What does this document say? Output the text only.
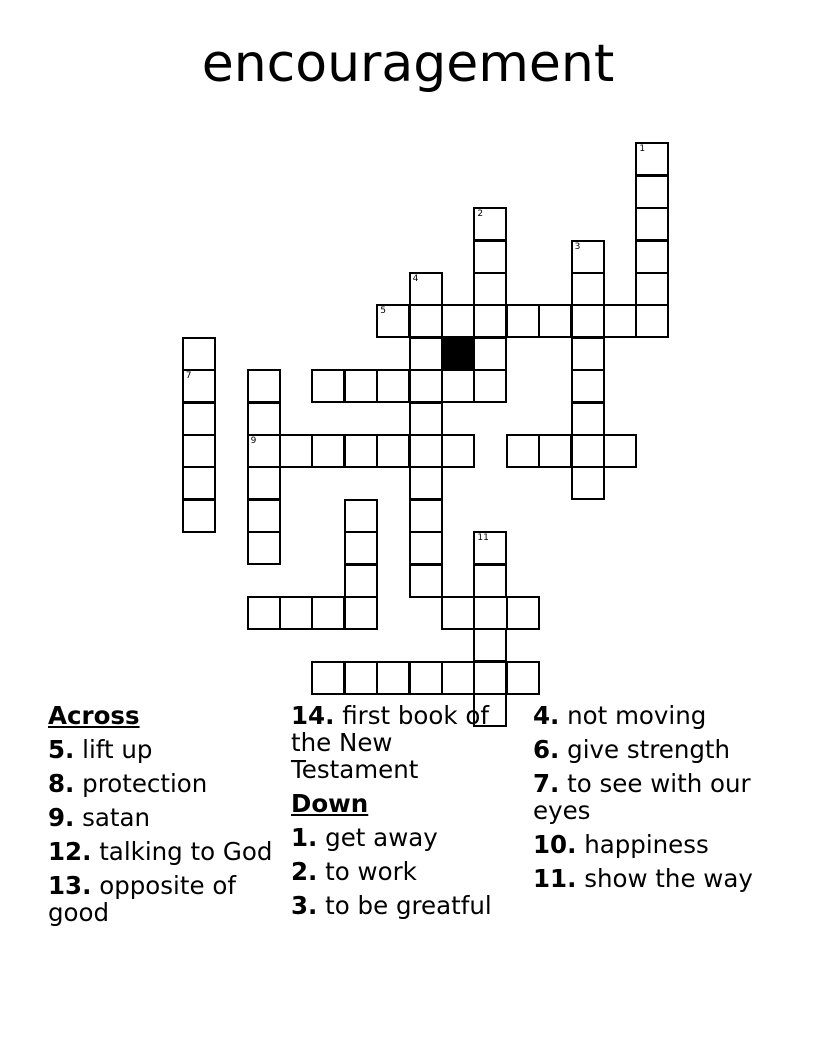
encouragement
1
2
3
4
5
7
9
11
Across
5. lift up
8. protection
9. satan
12. talking to God
13. opposite of good
14. first book of the New Testament
Down
1. get away
2. to work
3. to be greatful
4. not moving
6. give strength
7. to see with our eyes
10. happiness
11. show the way
